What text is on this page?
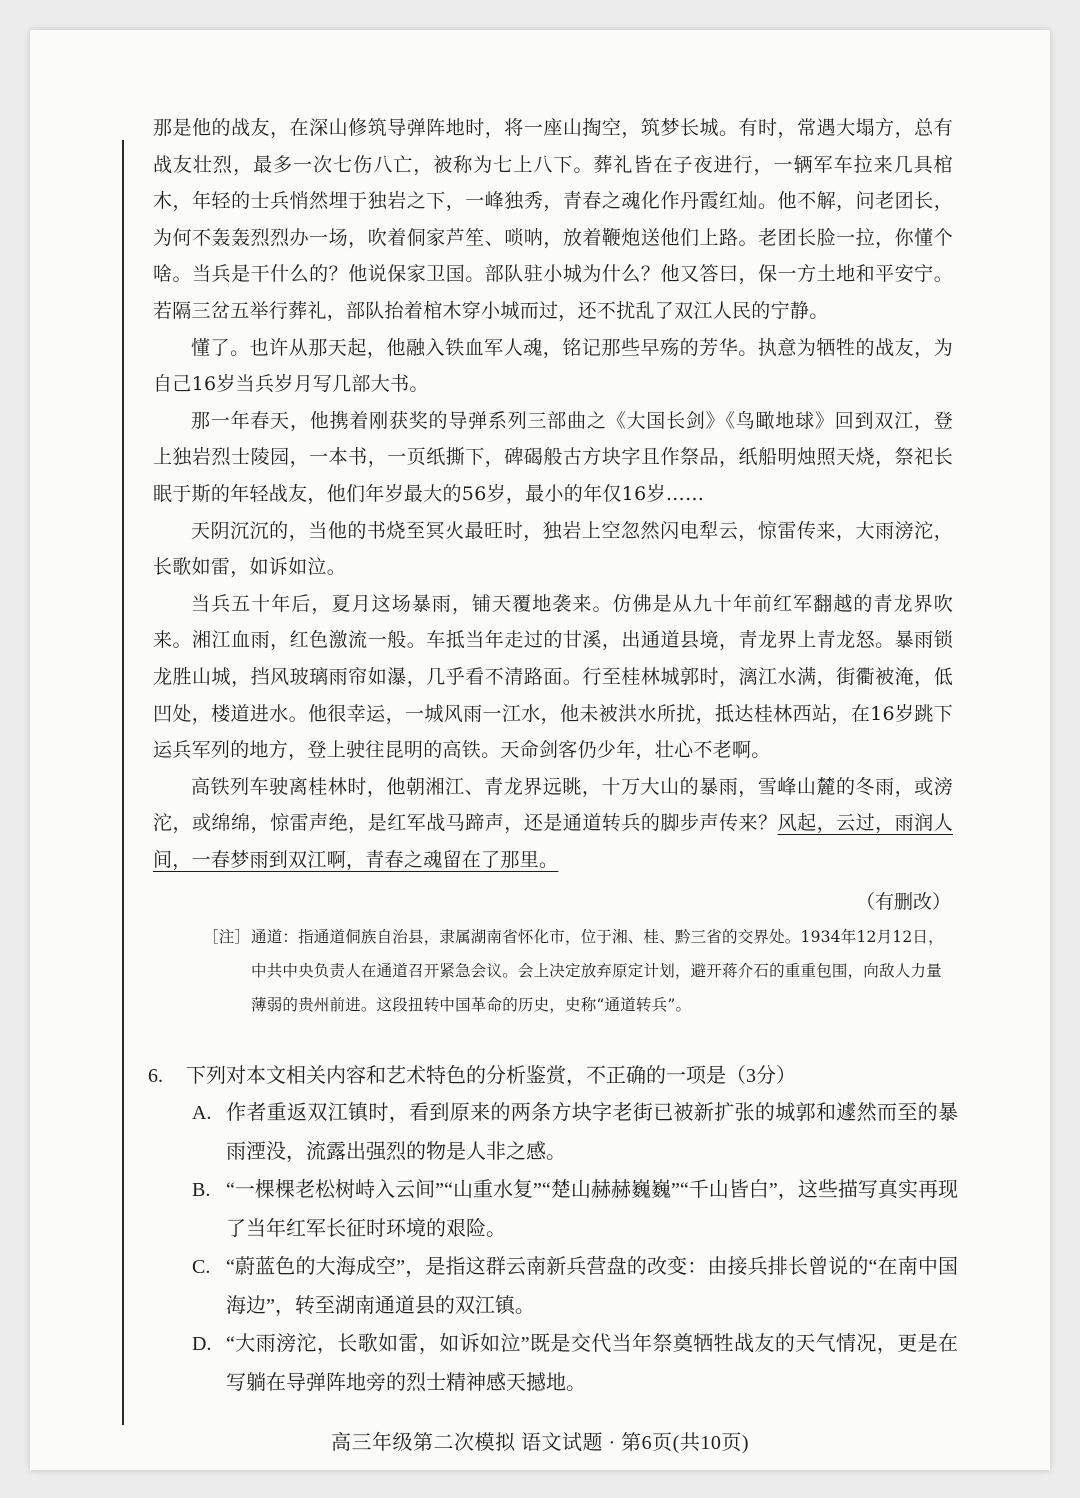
那是他的战友，在深山修筑导弹阵地时，将一座山掏空，筑梦长城。有时，常遇大塌方，总有战友壮烈，最多一次七伤八亡，被称为七上八下。葬礼皆在子夜进行，一辆军车拉来几具棺木，年轻的士兵悄然埋于独岩之下，一峰独秀，青春之魂化作丹霞红灿。他不解，问老团长，为何不轰轰烈烈办一场，吹着侗家芦笙、唢呐，放着鞭炮送他们上路。老团长脸一拉，你懂个啥。当兵是干什么的？他说保家卫国。部队驻小城为什么？他又答曰，保一方土地和平安宁。若隔三岔五举行葬礼，部队抬着棺木穿小城而过，还不扰乱了双江人民的宁静。

懂了。也许从那天起，他融入铁血军人魂，铭记那些早殇的芳华。执意为牺牲的战友，为自己16岁当兵岁月写几部大书。

那一年春天，他携着刚获奖的导弹系列三部曲之《大国长剑》《鸟瞰地球》回到双江，登上独岩烈士陵园，一本书，一页纸撕下，碑碣般古方块字且作祭品，纸船明烛照天烧，祭祀长眠于斯的年轻战友，他们年岁最大的56岁，最小的年仅16岁……

天阴沉沉的，当他的书烧至冥火最旺时，独岩上空忽然闪电犁云，惊雷传来，大雨滂沱，长歌如雷，如诉如泣。

当兵五十年后，夏月这场暴雨，铺天覆地袭来。仿佛是从九十年前红军翻越的青龙界吹来。湘江血雨，红色激流一般。车抵当年走过的甘溪，出通道县境，青龙界上青龙怒。暴雨锁龙胜山城，挡风玻璃雨帘如瀑，几乎看不清路面。行至桂林城郭时，漓江水满，街衢被淹，低凹处，楼道进水。他很幸运，一城风雨一江水，他未被洪水所扰，抵达桂林西站，在16岁跳下运兵军列的地方，登上驶往昆明的高铁。天命剑客仍少年，壮心不老啊。

高铁列车驶离桂林时，他朝湘江、青龙界远眺，十万大山的暴雨，雪峰山麓的冬雨，或滂沱，或绵绵，惊雷声绝，是红军战马蹄声，还是通道转兵的脚步声传来？风起，云过，雨润人间，一春梦雨到双江啊，青春之魂留在了那里。

（有删改）

［注］ 通道：指通道侗族自治县，隶属湖南省怀化市，位于湘、桂、黔三省的交界处。1934年12月12日，中共中央负责人在通道召开紧急会议。会上决定放弃原定计划，避开蒋介石的重重包围，向敌人力量薄弱的贵州前进。这段扭转中国革命的历史，史称“通道转兵”。

6. 下列对本文相关内容和艺术特色的分析鉴赏，不正确的一项是（3分）

A. 作者重返双江镇时，看到原来的两条方块字老街已被新扩张的城郭和遽然而至的暴雨湮没，流露出强烈的物是人非之感。

B. “一棵棵老松树峙入云间”“山重水复”“楚山赫赫巍巍”“千山皆白”，这些描写真实再现了当年红军长征时环境的艰险。

C. “蔚蓝色的大海成空”，是指这群云南新兵营盘的改变：由接兵排长曾说的“在南中国海边”，转至湖南通道县的双江镇。

D. “大雨滂沱，长歌如雷，如诉如泣”既是交代当年祭奠牺牲战友的天气情况，更是在写躺在导弹阵地旁的烈士精神感天撼地。

高三年级第二次模拟 语文试题 · 第6页(共10页)
